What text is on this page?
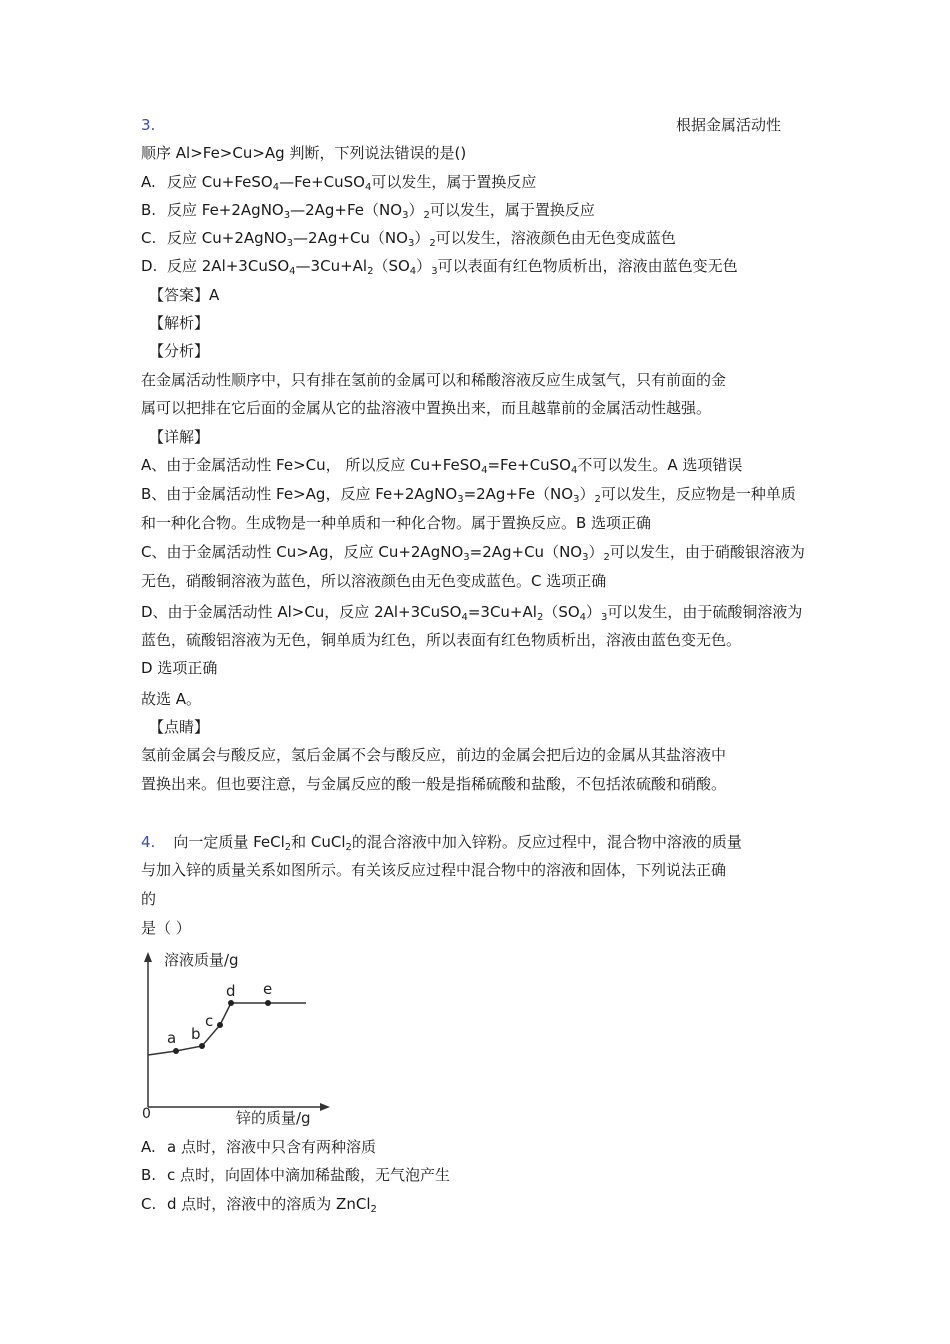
3.	根据金属活动性
顺序 Al>Fe>Cu>Ag 判断，下列说法错误的是()
A. 反应 Cu+FeSO$_4$—Fe+CuSO$_4$可以发生，属于置换反应
B. 反应 $Fe+2AgNO_3—2Ag+Fe(NO_3)_2$可以发生，属于置换反应
C. 反应 $Cu+2AgNO_3—2Ag+Cu(NO_3)_2$可以发生，溶液颜色由无色变成蓝色
D. 反应 $2Al+3CuSO_4—3Cu+Al_2(SO_4)_3$可以表面有红色物质析出，溶液由蓝色变无色
【答案】A
【解析】
【分析】
在金属活动性顺序中，只有排在氢前的金属可以和稀酸溶液反应生成氢气，只有前面的金
属可以把排在它后面的金属从它的盐溶液中置换出来，而且越靠前的金属活动性越强。
【详解】
A、由于金属活动性 Fe>Cu， 所以反应 Cu+FeSO$_4$=Fe+CuSO$_4$不可以发生。A 选项错误
B、由于金属活动性 Fe>Ag，反应 $Fe+2AgNO_3=2Ag+Fe(NO_3)_2$可以发生，反应物是一种单质
和一种化合物。生成物是一种单质和一种化合物。属于置换反应。B 选项正确
C、由于金属活动性 Cu>Ag，反应 $Cu+2AgNO_3=2Ag+Cu(NO_3)_2$可以发生，由于硝酸银溶液为
无色，硝酸铜溶液为蓝色，所以溶液颜色由无色变成蓝色。C 选项正确
D、由于金属活动性 Al>Cu，反应 $2Al+3CuSO_4=3Cu+Al_2(SO_4)_3$可以发生，由于硫酸铜溶液为
蓝色，硫酸铝溶液为无色，铜单质为红色，所以表面有红色物质析出，溶液由蓝色变无色。
D 选项正确
故选 A。
【点睛】
氢前金属会与酸反应，氢后金属不会与酸反应，前边的金属会把后边的金属从其盐溶液中
置换出来。但也要注意，与金属反应的酸一般是指稀硫酸和盐酸，不包括浓硫酸和硝酸。
4. 向一定质量 FeCl$_2$和 CuCl$_2$的混合溶液中加入锌粉。反应过程中，混合物中溶液的质量
与加入锌的质量关系如图所示。有关该反应过程中混合物中的溶液和固体，下列说法正确
的
是（ ）
溶液质量/g
锌的质量/g
0
a b
c
d e
A. a 点时，溶液中只含有两种溶质
B. c 点时，向固体中滴加稀盐酸，无气泡产生
C. d 点时，溶液中的溶质为 ZnCl$_2$
